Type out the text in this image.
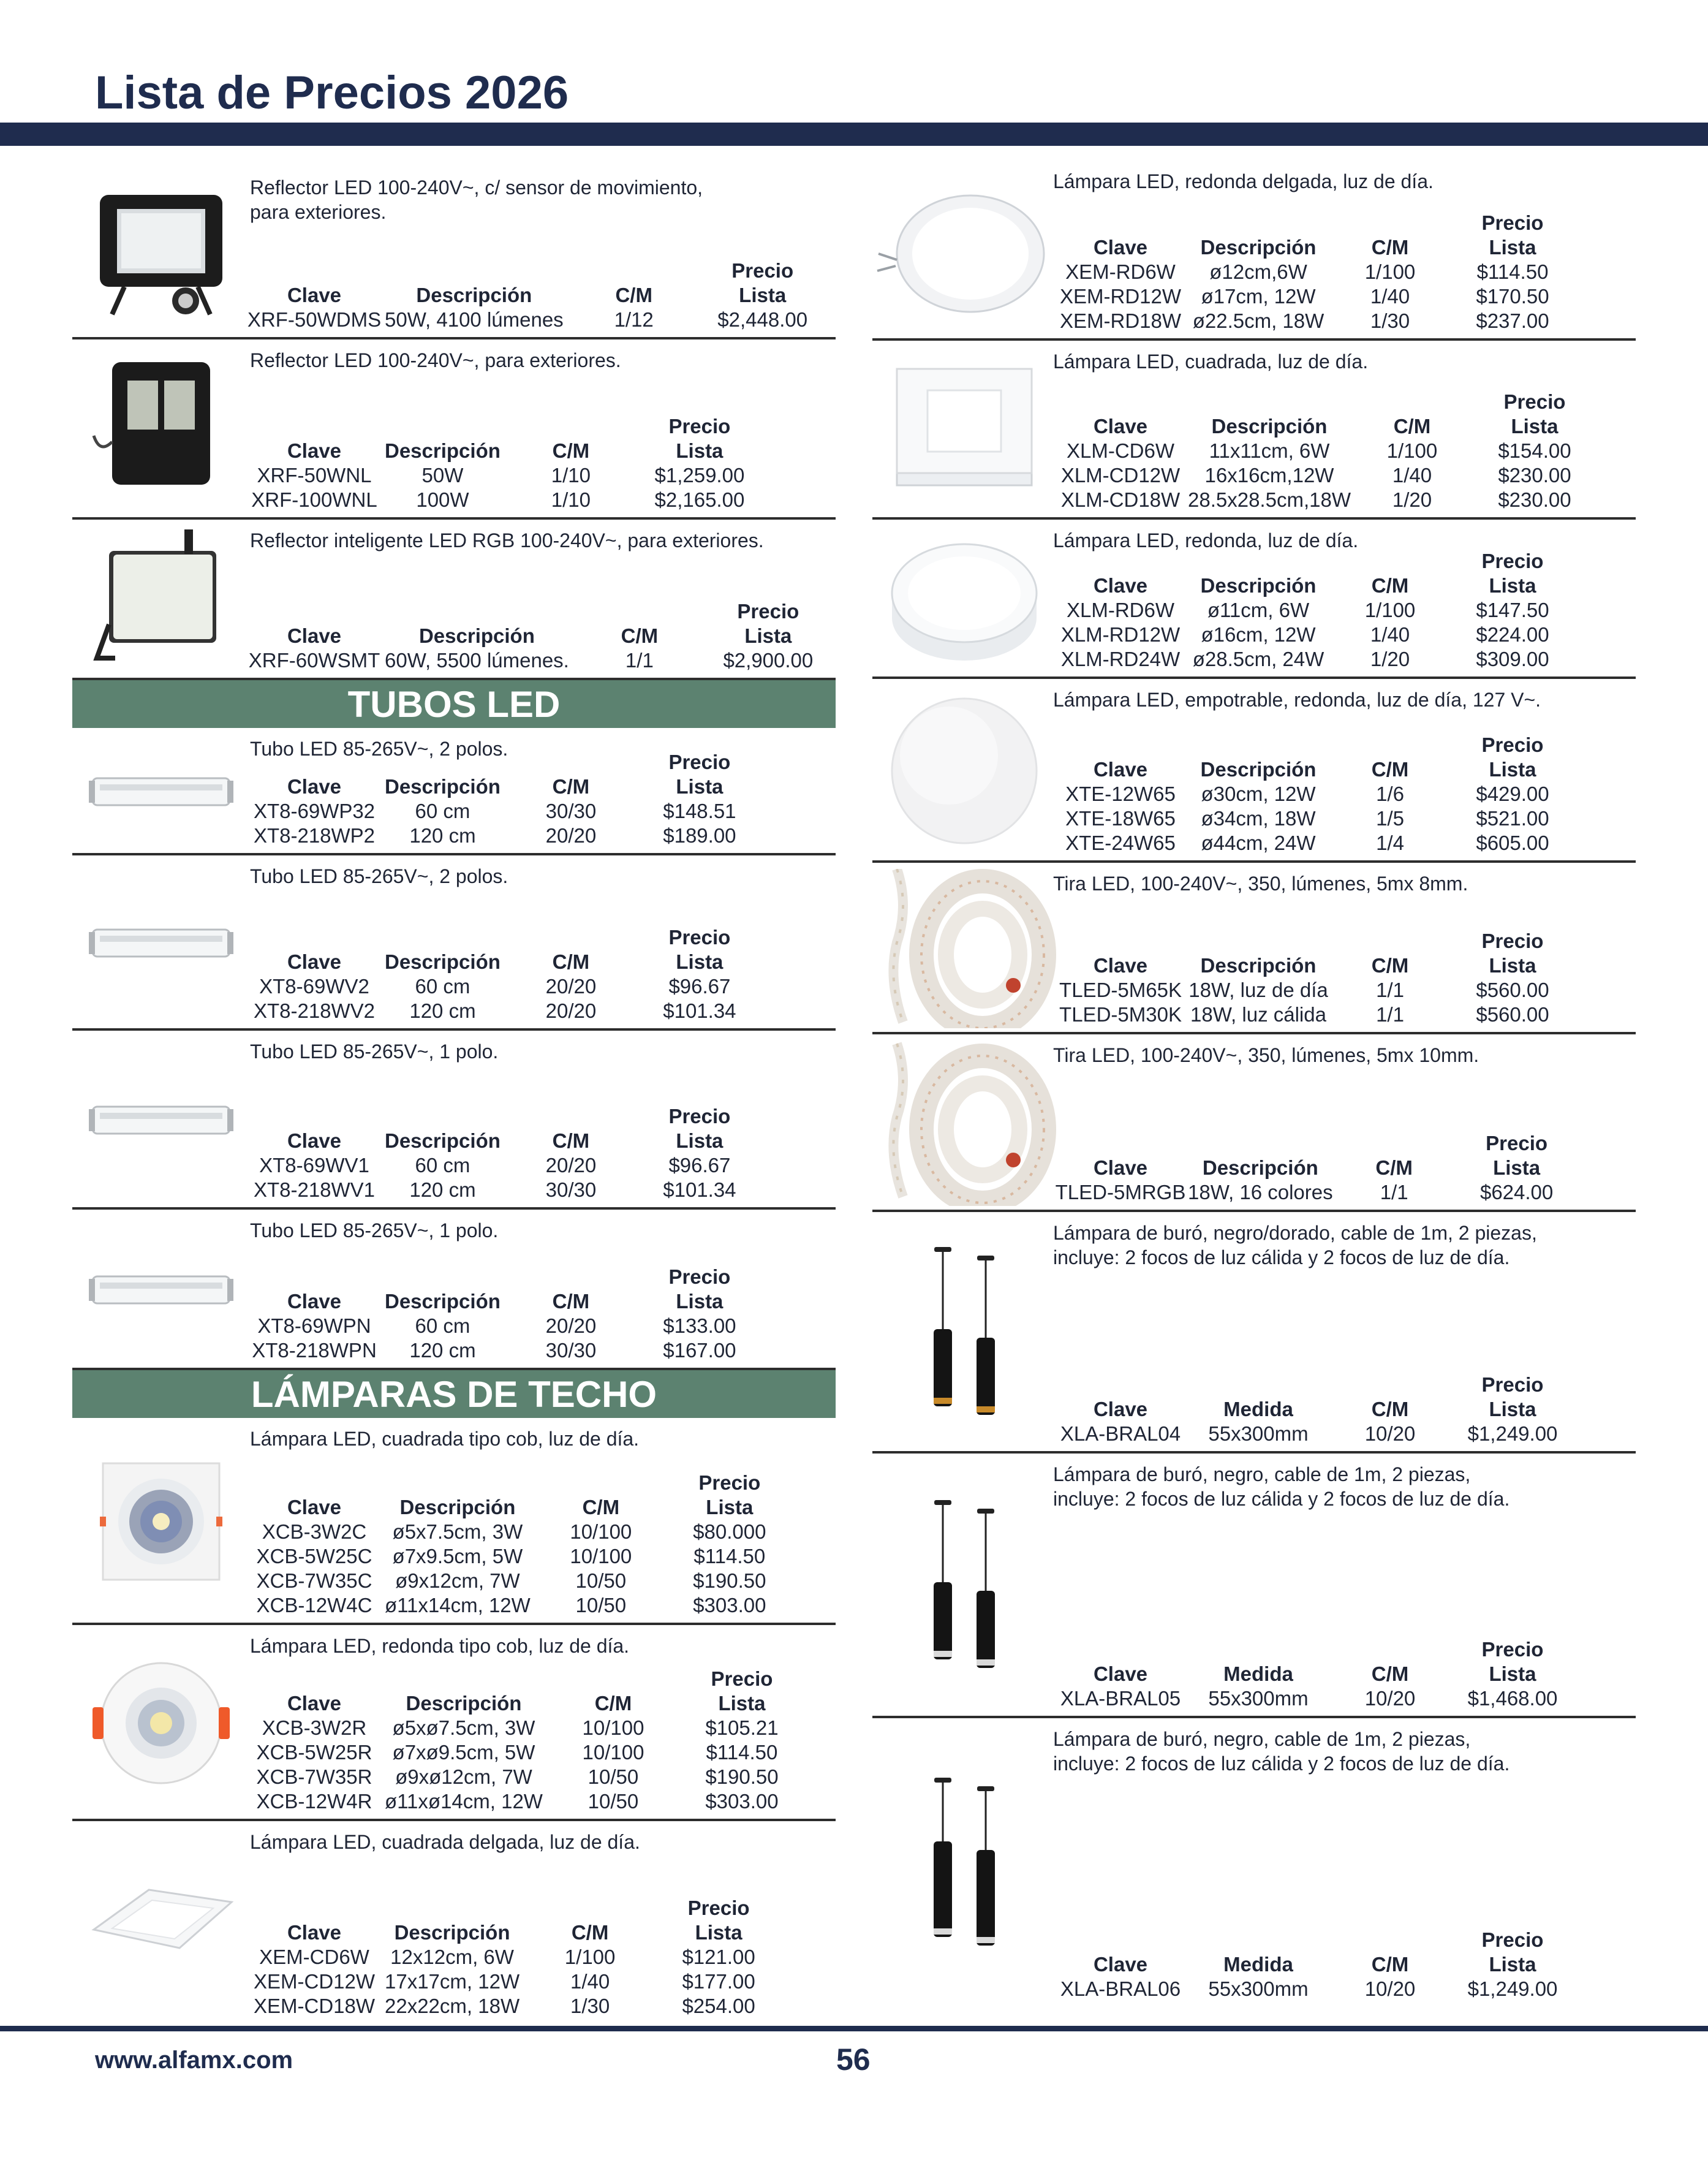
Lista de Precios 2026
Reflector LED 100-240V~, c/ sensor de movimiento,
para exteriores.
			Precio
Clave	Descripción	C/M	Lista
XRF-50WDMS	50W, 4100 lúmenes	1/12	$2,448.00
Reflector LED 100-240V~, para exteriores.
			Precio
Clave	Descripción	C/M	Lista
XRF-50WNL	50W	1/10	$1,259.00
XRF-100WNL	100W	1/10	$2,165.00
Reflector inteligente LED RGB 100-240V~, para exteriores.
			Precio
Clave	Descripción	C/M	Lista
XRF-60WSMT	60W, 5500 lúmenes.	1/1	$2,900.00
Tubo LED 85-265V~, 2 polos.
			Precio
Clave	Descripción	C/M	Lista
XT8-69WP32	60 cm	30/30	$148.51
XT8-218WP2	120 cm	20/20	$189.00
Tubo LED 85-265V~, 2 polos.
			Precio
Clave	Descripción	C/M	Lista
XT8-69WV2	60 cm	20/20	$96.67
XT8-218WV2	120 cm	20/20	$101.34
Tubo LED 85-265V~, 1 polo.
			Precio
Clave	Descripción	C/M	Lista
XT8-69WV1	60 cm	20/20	$96.67
XT8-218WV1	120 cm	30/30	$101.34
Tubo LED 85-265V~, 1 polo.
			Precio
Clave	Descripción	C/M	Lista
XT8-69WPN	60 cm	20/20	$133.00
XT8-218WPN	120 cm	30/30	$167.00
Lámpara LED, cuadrada tipo cob, luz de día.
			Precio
Clave	Descripción	C/M	Lista
XCB-3W2C	ø5x7.5cm, 3W	10/100	$80.000
XCB-5W25C	ø7x9.5cm, 5W	10/100	$114.50
XCB-7W35C	ø9x12cm, 7W	10/50	$190.50
XCB-12W4C	ø11x14cm, 12W	10/50	$303.00
Lámpara LED, redonda tipo cob, luz de día.
			Precio
Clave	Descripción	C/M	Lista
XCB-3W2R	ø5xø7.5cm, 3W	10/100	$105.21
XCB-5W25R	ø7xø9.5cm, 5W	10/100	$114.50
XCB-7W35R	ø9xø12cm, 7W	10/50	$190.50
XCB-12W4R	ø11xø14cm, 12W	10/50	$303.00
Lámpara LED, cuadrada delgada, luz de día.
			Precio
Clave	Descripción	C/M	Lista
XEM-CD6W	12x12cm, 6W	1/100	$121.00
XEM-CD12W	17x17cm, 12W	1/40	$177.00
XEM-CD18W	22x22cm, 18W	1/30	$254.00
Lámpara LED, redonda delgada, luz de día.
			Precio
Clave	Descripción	C/M	Lista
XEM-RD6W	ø12cm,6W	1/100	$114.50
XEM-RD12W	ø17cm, 12W	1/40	$170.50
XEM-RD18W	ø22.5cm, 18W	1/30	$237.00
Lámpara LED, cuadrada, luz de día.
			Precio
Clave	Descripción	C/M	Lista
XLM-CD6W	11x11cm, 6W	1/100	$154.00
XLM-CD12W	16x16cm,12W	1/40	$230.00
XLM-CD18W	28.5x28.5cm,18W	1/20	$230.00
Lámpara LED, redonda, luz de día.
			Precio
Clave	Descripción	C/M	Lista
XLM-RD6W	ø11cm, 6W	1/100	$147.50
XLM-RD12W	ø16cm, 12W	1/40	$224.00
XLM-RD24W	ø28.5cm, 24W	1/20	$309.00
Lámpara LED, empotrable, redonda, luz de día, 127 V~.
			Precio
Clave	Descripción	C/M	Lista
XTE-12W65	ø30cm, 12W	1/6	$429.00
XTE-18W65	ø34cm, 18W	1/5	$521.00
XTE-24W65	ø44cm, 24W	1/4	$605.00
Tira LED, 100-240V~, 350, lúmenes, 5mx 8mm.
			Precio
Clave	Descripción	C/M	Lista
TLED-5M65K	18W, luz de día	1/1	$560.00
TLED-5M30K	18W, luz cálida	1/1	$560.00
Tira LED, 100-240V~, 350, lúmenes, 5mx 10mm.
			Precio
Clave	Descripción	C/M	Lista
TLED-5MRGB	18W, 16 colores	1/1	$624.00
Lámpara de buró, negro/dorado, cable de 1m, 2 piezas,
incluye: 2 focos de luz cálida y 2 focos de luz de día.
			Precio
Clave	Medida	C/M	Lista
XLA-BRAL04	55x300mm	10/20	$1,249.00
Lámpara de buró, negro, cable de 1m, 2 piezas,
incluye: 2 focos de luz cálida y 2 focos de luz de día.
			Precio
Clave	Medida	C/M	Lista
XLA-BRAL05	55x300mm	10/20	$1,468.00
Lámpara de buró, negro, cable de 1m, 2 piezas,
incluye: 2 focos de luz cálida y 2 focos de luz de día.
			Precio
Clave	Medida	C/M	Lista
XLA-BRAL06	55x300mm	10/20	$1,249.00
TUBOS LED
LÁMPARAS DE TECHO
www.alfamx.com	56
